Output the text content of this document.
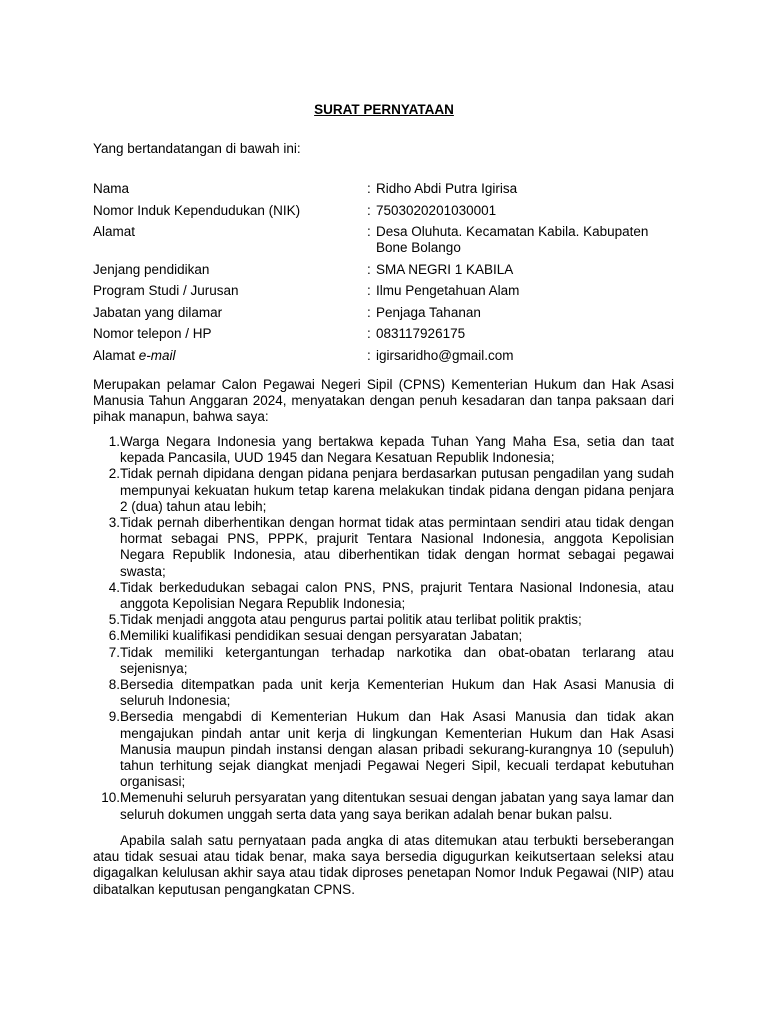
SURAT PERNYATAAN
Yang bertandatangan di bawah ini:
Nama	: Ridho Abdi Putra Igirisa
Nomor Induk Kependudukan (NIK)	: 7503020201030001
Alamat	: Desa Oluhuta. Kecamatan Kabila. Kabupaten
Bone Bolango
Jenjang pendidikan	: SMA NEGRI 1 KABILA
Program Studi / Jurusan	: Ilmu Pengetahuan Alam
Jabatan yang dilamar	: Penjaga Tahanan
Nomor telepon / HP	: 083117926175
Alamat e-mail	: igirsaridho@gmail.com

Merupakan pelamar Calon Pegawai Negeri Sipil (CPNS) Kementerian Hukum dan Hak Asasi Manusia Tahun Anggaran 2024, menyatakan dengan penuh kesadaran dan tanpa paksaan dari pihak manapun, bahwa saya:

1. Warga Negara Indonesia yang bertakwa kepada Tuhan Yang Maha Esa, setia dan taat kepada Pancasila, UUD 1945 dan Negara Kesatuan Republik Indonesia;
2. Tidak pernah dipidana dengan pidana penjara berdasarkan putusan pengadilan yang sudah mempunyai kekuatan hukum tetap karena melakukan tindak pidana dengan pidana penjara 2 (dua) tahun atau lebih;
3. Tidak pernah diberhentikan dengan hormat tidak atas permintaan sendiri atau tidak dengan hormat sebagai PNS, PPPK, prajurit Tentara Nasional Indonesia, anggota Kepolisian Negara Republik Indonesia, atau diberhentikan tidak dengan hormat sebagai pegawai swasta;
4. Tidak berkedudukan sebagai calon PNS, PNS, prajurit Tentara Nasional Indonesia, atau anggota Kepolisian Negara Republik Indonesia;
5. Tidak menjadi anggota atau pengurus partai politik atau terlibat politik praktis;
6. Memiliki kualifikasi pendidikan sesuai dengan persyaratan Jabatan;
7. Tidak memiliki ketergantungan terhadap narkotika dan obat-obatan terlarang atau sejenisnya;
8. Bersedia ditempatkan pada unit kerja Kementerian Hukum dan Hak Asasi Manusia di seluruh Indonesia;
9. Bersedia mengabdi di Kementerian Hukum dan Hak Asasi Manusia dan tidak akan mengajukan pindah antar unit kerja di lingkungan Kementerian Hukum dan Hak Asasi Manusia maupun pindah instansi dengan alasan pribadi sekurang-kurangnya 10 (sepuluh) tahun terhitung sejak diangkat menjadi Pegawai Negeri Sipil, kecuali terdapat kebutuhan organisasi;
10. Memenuhi seluruh persyaratan yang ditentukan sesuai dengan jabatan yang saya lamar dan seluruh dokumen unggah serta data yang saya berikan adalah benar bukan palsu.

Apabila salah satu pernyataan pada angka di atas ditemukan atau terbukti berseberangan atau tidak sesuai atau tidak benar, maka saya bersedia digugurkan keikutsertaan seleksi atau digagalkan kelulusan akhir saya atau tidak diproses penetapan Nomor Induk Pegawai (NIP) atau dibatalkan keputusan pengangkatan CPNS.
